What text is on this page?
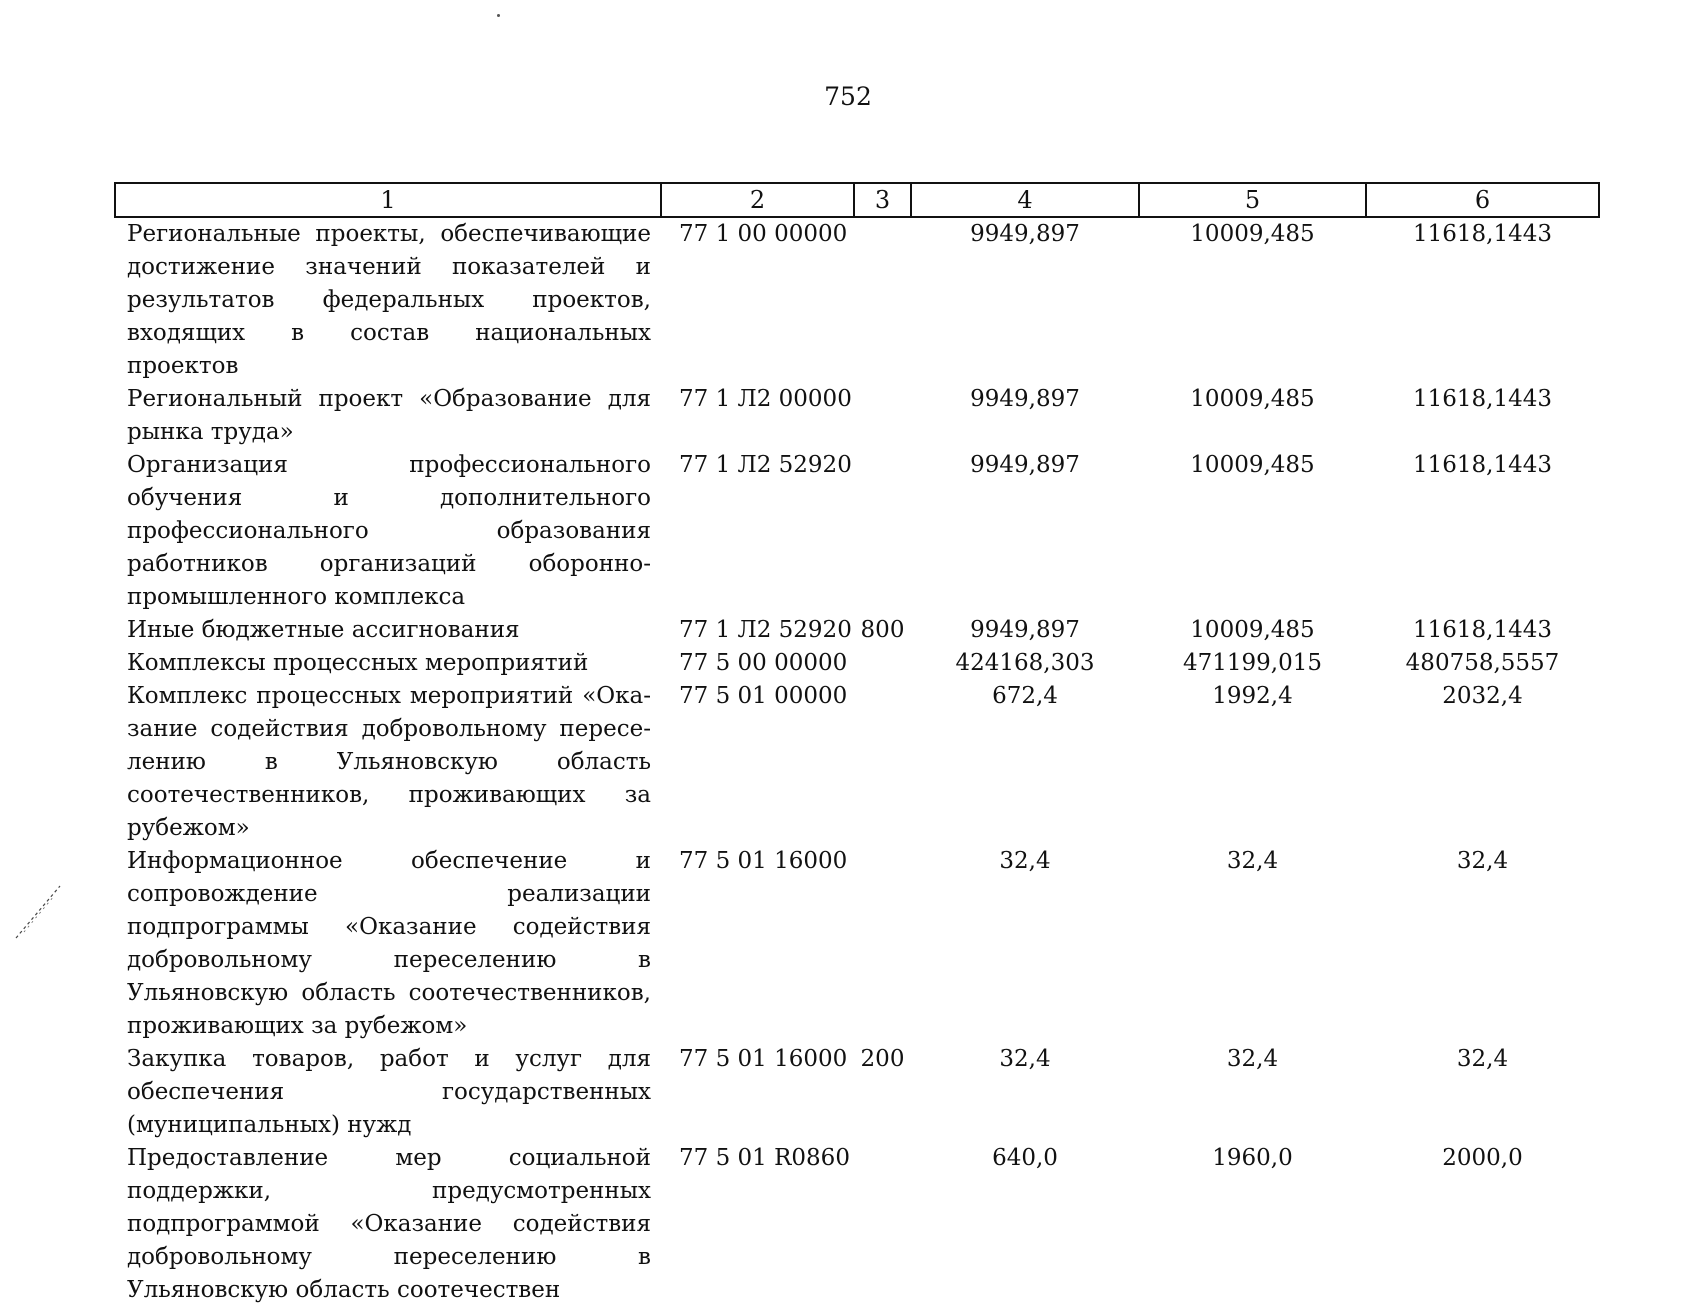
752
1	2	3	4	5	6
Региональные проекты, обеспечивающие достижение значений показателей и результатов федеральных проектов, входящих в состав национальных проектов	77 1 00 00000		9949,897	10009,485	11618,1443
Региональный проект «Образование для рынка труда»	77 1 Л2 00000		9949,897	10009,485	11618,1443
Организация профессионального обучения и дополнительного профессионального образования работников организаций оборонно-промышленного комплекса	77 1 Л2 52920		9949,897	10009,485	11618,1443
Иные бюджетные ассигнования	77 1 Л2 52920	800	9949,897	10009,485	11618,1443
Комплексы процессных мероприятий	77 5 00 00000		424168,303	471199,015	480758,5557
Комплекс процессных мероприятий «Оказание содействия добровольному переселению в Ульяновскую область соотечественников, проживающих за рубежом»	77 5 01 00000		672,4	1992,4	2032,4
Информационное обеспечение и сопровождение реализации подпрограммы «Оказание содействия добровольному переселению в Ульяновскую область соотечественников, проживающих за рубежом»	77 5 01 16000		32,4	32,4	32,4
Закупка товаров, работ и услуг для обеспечения государственных (муниципальных) нужд	77 5 01 16000	200	32,4	32,4	32,4
Предоставление мер социальной поддержки, предусмотренных подпрограммой «Оказание содействия добровольному переселению в Ульяновскую область соотечествен	77 5 01 R0860		640,0	1960,0	2000,0
